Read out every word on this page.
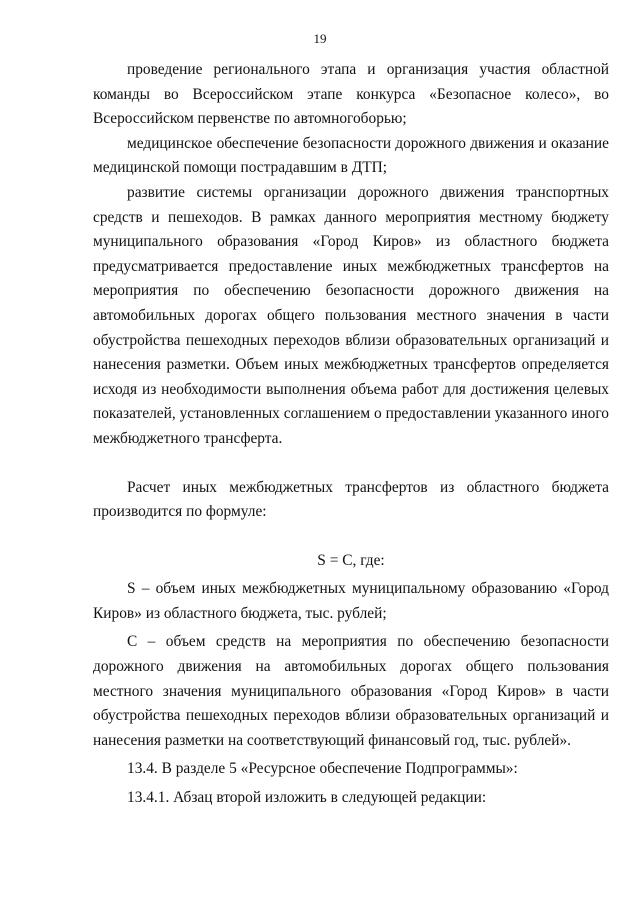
19

проведение регионального этапа и организация участия областной команды во Всероссийском этапе конкурса «Безопасное колесо», во Всероссийском первенстве по автомногоборью;

медицинское обеспечение безопасности дорожного движения и оказание медицинской помощи пострадавшим в ДТП;

развитие системы организации дорожного движения транспортных средств и пешеходов. В рамках данного мероприятия местному бюджету муниципального образования «Город Киров» из областного бюджета предусматривается предоставление иных межбюджетных трансфертов на мероприятия по обеспечению безопасности дорожного движения на автомобильных дорогах общего пользования местного значения в части обустройства пешеходных переходов вблизи образовательных организаций и нанесения разметки. Объем иных межбюджетных трансфертов определяется исходя из необходимости выполнения объема работ для достижения целевых показателей, установленных соглашением о предоставлении указанного иного межбюджетного трансферта.

Расчет иных межбюджетных трансфертов из областного бюджета производится по формуле:

S = С, где:

S – объем иных межбюджетных муниципальному образованию «Город Киров» из областного бюджета, тыс. рублей;

С – объем средств на мероприятия по обеспечению безопасности дорожного движения на автомобильных дорогах общего пользования местного значения муниципального образования «Город Киров» в части обустройства пешеходных переходов вблизи образовательных организаций и нанесения разметки на соответствующий финансовый год, тыс. рублей».

13.4. В разделе 5 «Ресурсное обеспечение Подпрограммы»:

13.4.1. Абзац второй изложить в следующей редакции:
